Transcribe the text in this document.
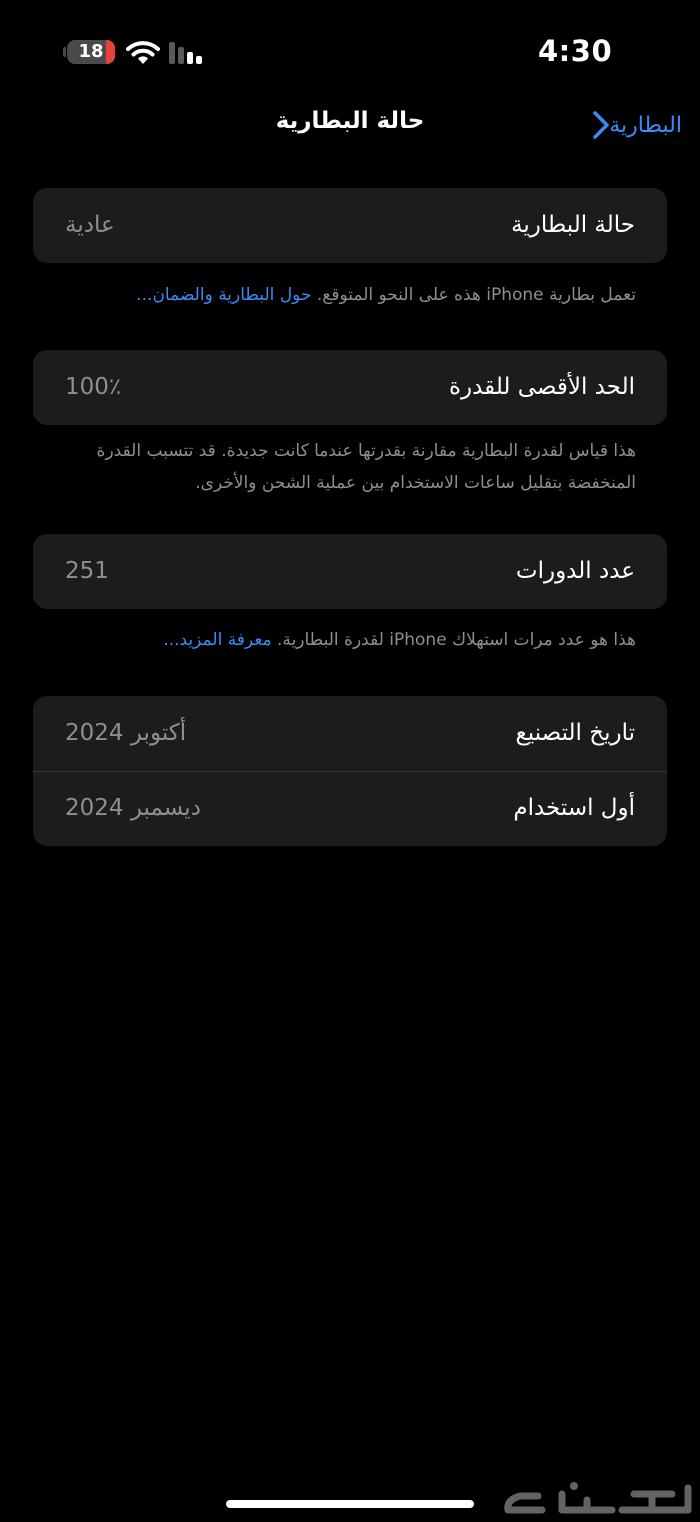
18	4:30
حالة البطارية	البطارية
حالة البطارية
عادية
تعمل بطارية iPhone هذه على النحو المتوقع. حول البطارية والضمان...
الحد الأقصى للقدرة
100٪
هذا قياس لقدرة البطارية مقارنة بقدرتها عندما كانت جديدة. قد تتسبب القدرة المنخفضة بتقليل ساعات الاستخدام بين عملية الشحن والأخرى.
عدد الدورات
251
هذا هو عدد مرات استهلاك iPhone لقدرة البطارية. معرفة المزيد...
تاريخ التصنيع
أكتوبر 2024
أول استخدام
ديسمبر 2024
